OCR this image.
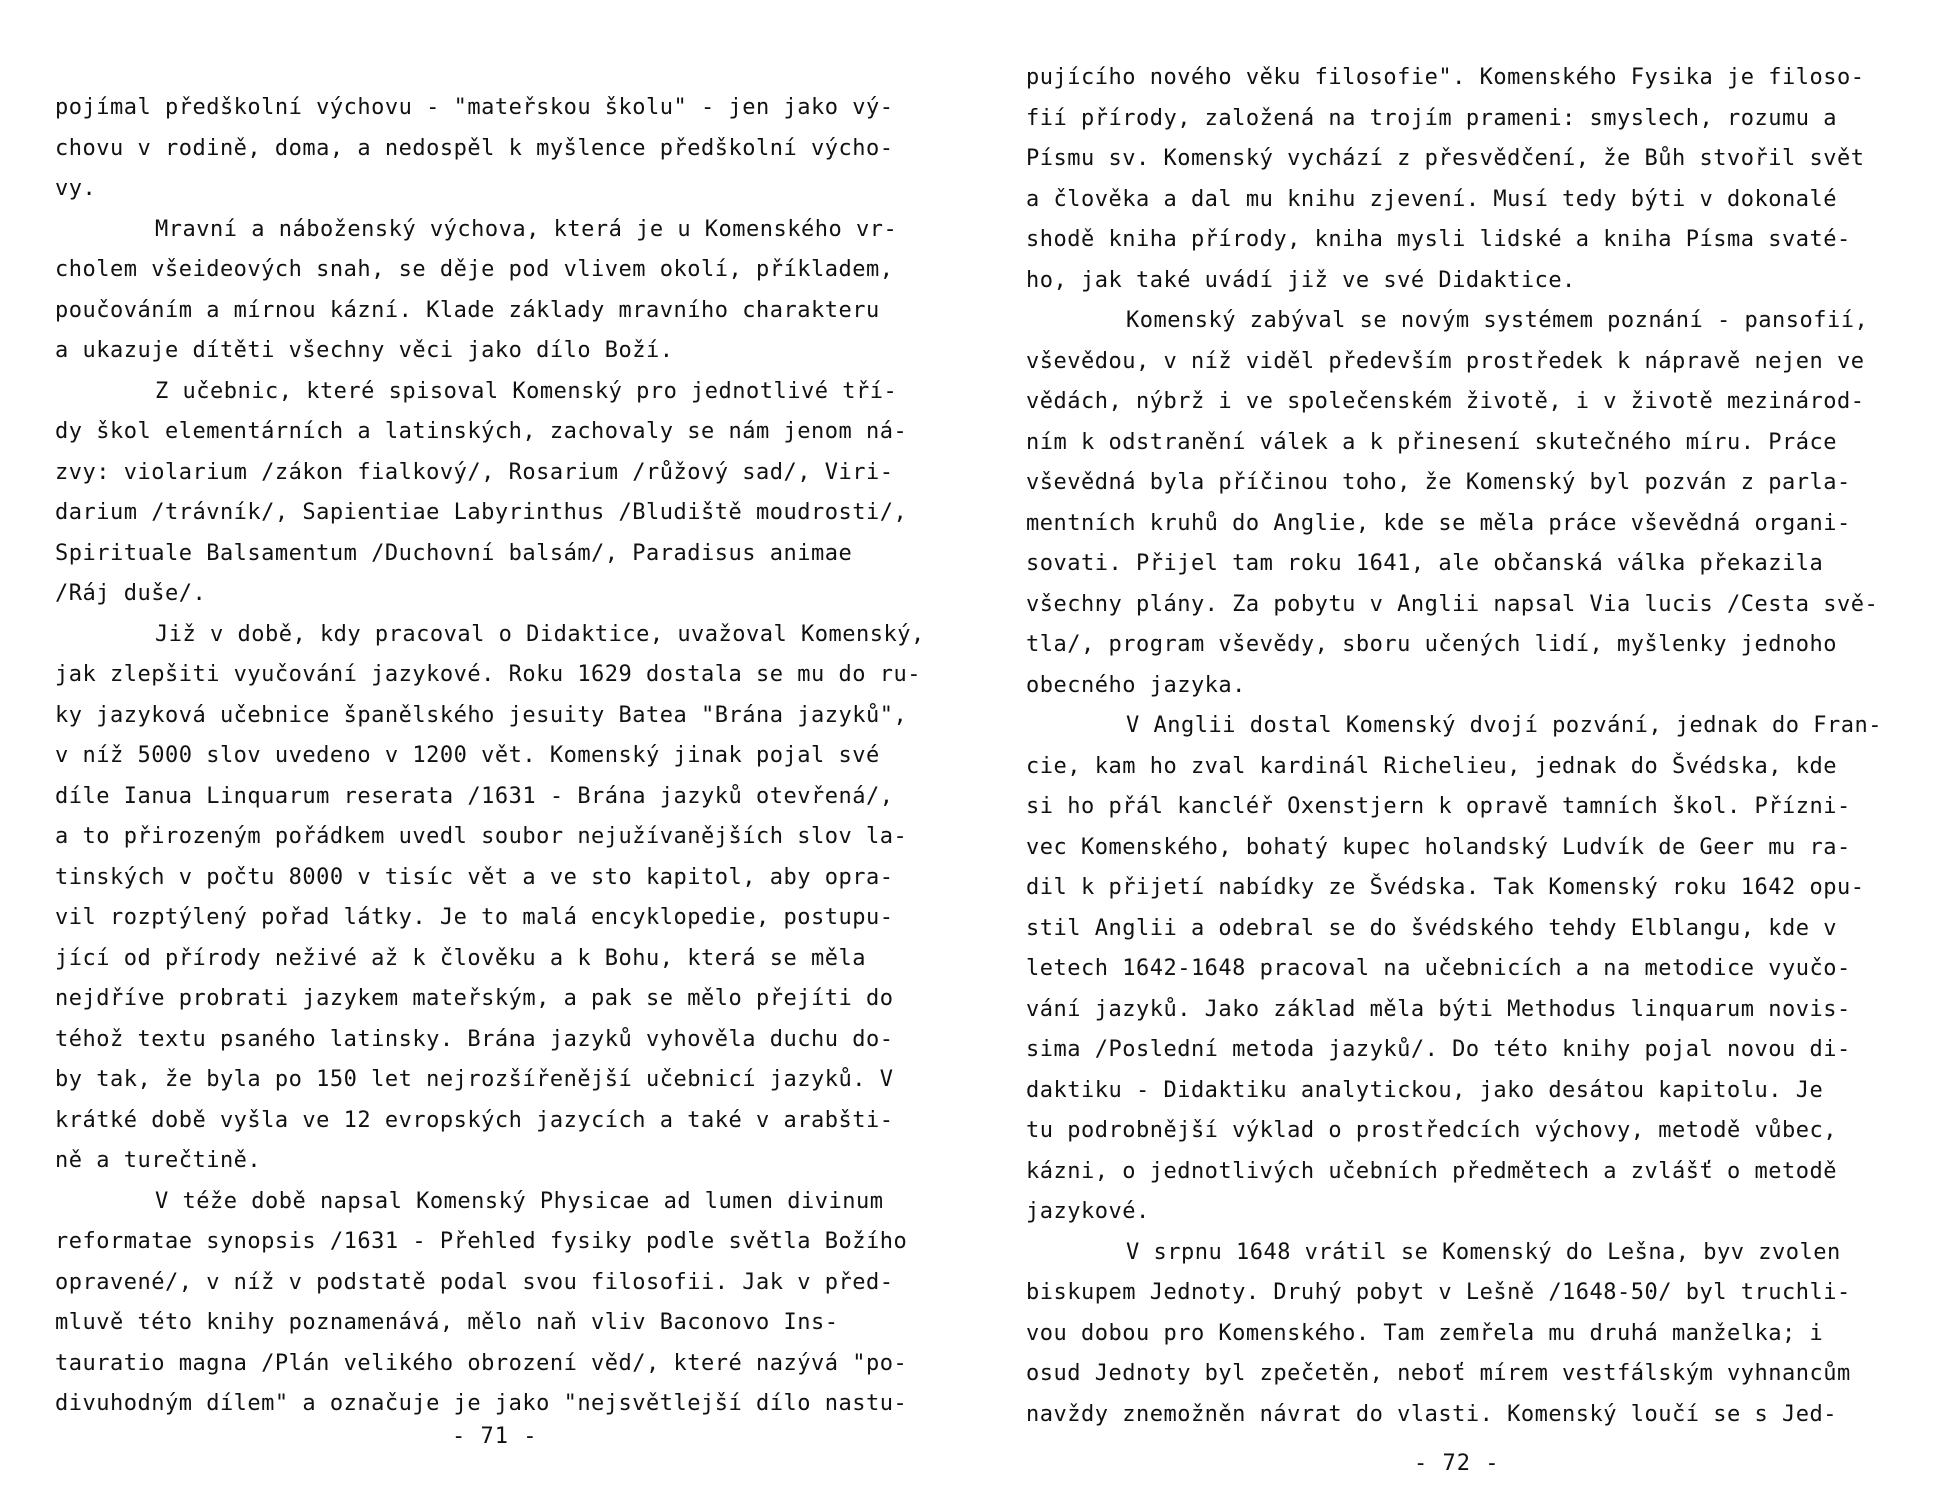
pojímal předškolní výchovu - "mateřskou školu" - jen jako vý-
chovu v rodině, doma, a nedospěl k myšlence předškolní výcho-
vy.
Mravní a náboženský výchova, která je u Komenského vr-
cholem všeideových snah, se děje pod vlivem okolí, příkladem,
poučováním a mírnou kázní. Klade základy mravního charakteru
a ukazuje dítěti všechny věci jako dílo Boží.
Z učebnic, které spisoval Komenský pro jednotlivé tří-
dy škol elementárních a latinských, zachovaly se nám jenom ná-
zvy: violarium /zákon fialkový/, Rosarium /růžový sad/, Viri-
darium /trávník/, Sapientiae Labyrinthus /Bludiště moudrosti/,
Spirituale Balsamentum /Duchovní balsám/, Paradisus animae
/Ráj duše/.
Již v době, kdy pracoval o Didaktice, uvažoval Komenský,
jak zlepšiti vyučování jazykové. Roku 1629 dostala se mu do ru-
ky jazyková učebnice španělského jesuity Batea "Brána jazyků",
v níž 5000 slov uvedeno v 1200 vět. Komenský jinak pojal své
díle Ianua Linquarum reserata /1631 - Brána jazyků otevřená/,
a to přirozeným pořádkem uvedl soubor nejužívanějších slov la-
tinských v počtu 8000 v tisíc vět a ve sto kapitol, aby opra-
vil rozptýlený pořad látky. Je to malá encyklopedie, postupu-
jící od přírody neživé až k člověku a k Bohu, která se měla
nejdříve probrati jazykem mateřským, a pak se mělo přejíti do
téhož textu psaného latinsky. Brána jazyků vyhověla duchu do-
by tak, že byla po 150 let nejrozšířenější učebnicí jazyků. V
krátké době vyšla ve 12 evropských jazycích a také v arabšti-
ně a turečtině.
V téže době napsal Komenský Physicae ad lumen divinum
reformatae synopsis /1631 - Přehled fysiky podle světla Božího
opravené/, v níž v podstatě podal svou filosofii. Jak v před-
mluvě této knihy poznamenává, mělo naň vliv Baconovo Ins-
tauratio magna /Plán velikého obrození věd/, které nazývá "po-
divuhodným dílem" a označuje je jako "nejsvětlejší dílo nastu-
- 71 -
pujícího nového věku filosofie". Komenského Fysika je filoso-
fií přírody, založená na trojím prameni: smyslech, rozumu a
Písmu sv. Komenský vychází z přesvědčení, že Bůh stvořil svět
a člověka a dal mu knihu zjevení. Musí tedy býti v dokonalé
shodě kniha přírody, kniha mysli lidské a kniha Písma svaté-
ho, jak také uvádí již ve své Didaktice.
Komenský zabýval se novým systémem poznání - pansofií,
vševědou, v níž viděl především prostředek k nápravě nejen ve
vědách, nýbrž i ve společenském životě, i v životě mezinárod-
ním k odstranění válek a k přinesení skutečného míru. Práce
vševědná byla příčinou toho, že Komenský byl pozván z parla-
mentních kruhů do Anglie, kde se měla práce vševědná organi-
sovati. Přijel tam roku 1641, ale občanská válka překazila
všechny plány. Za pobytu v Anglii napsal Via lucis /Cesta svě-
tla/, program vševědy, sboru učených lidí, myšlenky jednoho
obecného jazyka.
V Anglii dostal Komenský dvojí pozvání, jednak do Fran-
cie, kam ho zval kardinál Richelieu, jednak do Švédska, kde
si ho přál kancléř Oxenstjern k opravě tamních škol. Přízni-
vec Komenského, bohatý kupec holandský Ludvík de Geer mu ra-
dil k přijetí nabídky ze Švédska. Tak Komenský roku 1642 opu-
stil Anglii a odebral se do švédského tehdy Elblangu, kde v
letech 1642-1648 pracoval na učebnicích a na metodice vyučo-
vání jazyků. Jako základ měla býti Methodus linquarum novis-
sima /Poslední metoda jazyků/. Do této knihy pojal novou di-
daktiku - Didaktiku analytickou, jako desátou kapitolu. Je
tu podrobnější výklad o prostředcích výchovy, metodě vůbec,
kázni, o jednotlivých učebních předmětech a zvlášť o metodě
jazykové.
V srpnu 1648 vrátil se Komenský do Lešna, byv zvolen
biskupem Jednoty. Druhý pobyt v Lešně /1648-50/ byl truchli-
vou dobou pro Komenského. Tam zemřela mu druhá manželka; i
osud Jednoty byl zpečetěn, neboť mírem vestfálským vyhnancům
navždy znemožněn návrat do vlasti. Komenský loučí se s Jed-
- 72 -
